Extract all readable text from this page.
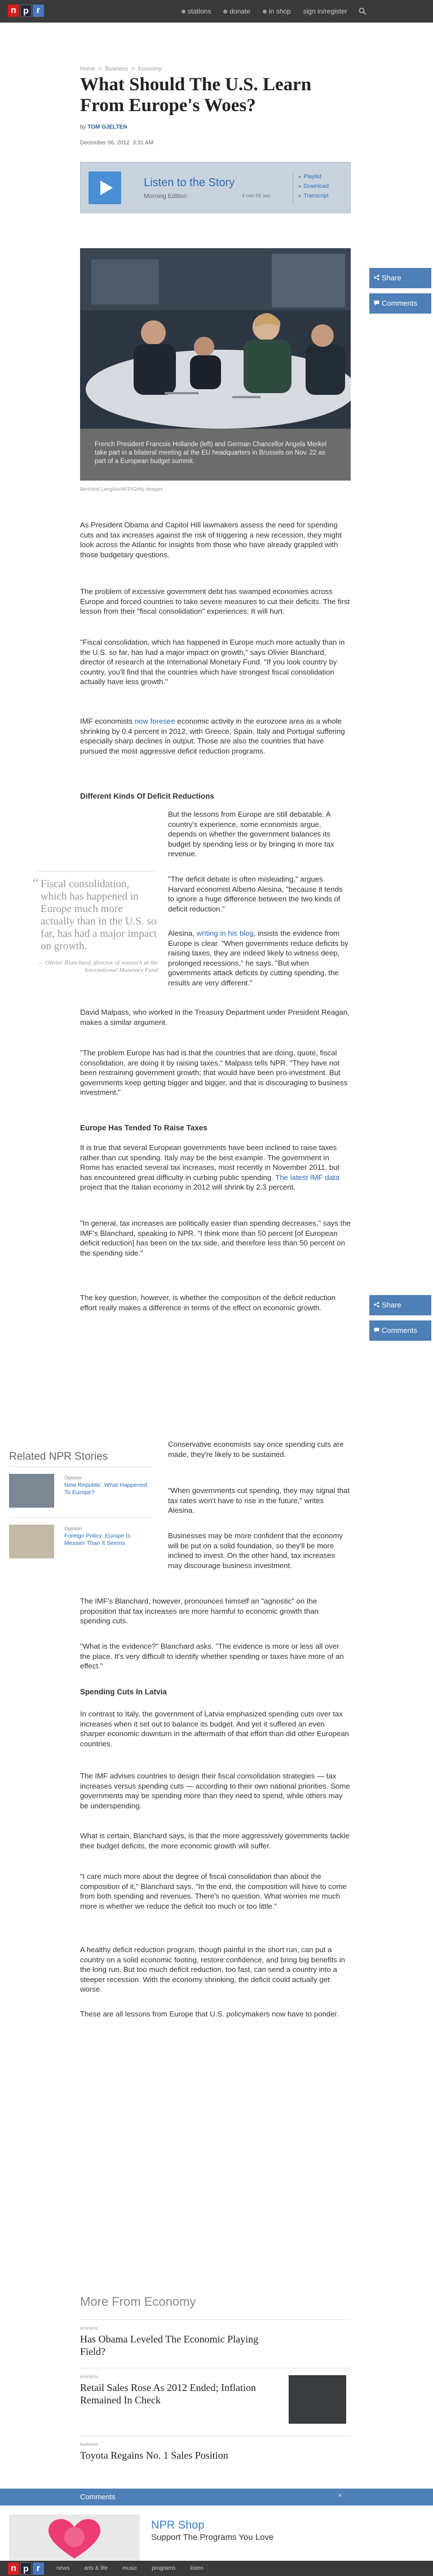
n p r	stations	donate	in shop sign in/register
Home > Business > Economy
What Should The U.S. Learn From Europe's Woes?
by TOM GJELTEN
December 06, 2012 3:31 AM
Listen to the Story
Morning Edition	4 min 55 sec
▸ Playlist
▸ Download
▸ Transcript
French President Francois Hollande (left) and German Chancellor Angela Merkel take part in a bilateral meeting at the EU headquarters in Brussels on Nov. 22 as part of a European budget summit.
Bertrand Langlois/AFP/Getty Images
Share
Comments
Share
Comments

As President Obama and Capitol Hill lawmakers assess the need for spending cuts and tax increases against the risk of triggering a new recession, they might look across the Atlantic for insights from those who have already grappled with those budgetary questions.

The problem of excessive government debt has swamped economies across Europe and forced countries to take severe measures to cut their deficits. The first lesson from their "fiscal consolidation" experiences: It will hurt.

"Fiscal consolidation, which has happened in Europe much more actually than in the U.S. so far, has had a major impact on growth," says Olivier Blanchard, director of research at the International Monetary Fund. "If you look country by country, you'll find that the countries which have strongest fiscal consolidation actually have less growth."

IMF economists now foresee economic activity in the eurozone area as a whole shrinking by 0.4 percent in 2012, with Greece, Spain, Italy and Portugal suffering especially sharp declines in output. Those are also the countries that have pursued the most aggressive deficit reduction programs.

Different Kinds Of Deficit Reductions
“ Fiscal consolidation, which has happened in Europe much more actually than in the U.S. so far, has had a major impact on growth.
— Olivier Blanchard, director of research at the International Monetary Fund

But the lessons from Europe are still debatable. A country's experience, some economists argue, depends on whether the government balances its budget by spending less or by bringing in more tax revenue.

"The deficit debate is often misleading," argues Harvard economist Alberto Alesina, "because it tends to ignore a huge difference between the two kinds of deficit reduction."

Alesina, writing in his blog, insists the evidence from Europe is clear. "When governments reduce deficits by raising taxes, they are indeed likely to witness deep, prolonged recessions," he says. "But when governments attack deficits by cutting spending, the results are very different."

David Malpass, who worked in the Treasury Department under President Reagan, makes a similar argument.

"The problem Europe has had is that the countries that are doing, quote, fiscal consolidation, are doing it by raising taxes," Malpass tells NPR. "They have not been restraining government growth; that would have been pro-investment. But governments keep getting bigger and bigger, and that is discouraging to business investment."

Europe Has Tended To Raise Taxes

It is true that several European governments have been inclined to raise taxes rather than cut spending. Italy may be the best example. The government in Rome has enacted several tax increases, most recently in November 2011, but has encountered great difficulty in curbing public spending. The latest IMF data project that the Italian economy in 2012 will shrink by 2.3 percent.

"In general, tax increases are politically easier than spending decreases," says the IMF's Blanchard, speaking to NPR. "I think more than 50 percent [of European deficit reduction] has been on the tax side, and therefore less than 50 percent on the spending side."

The key question, however, is whether the composition of the deficit reduction effort really makes a difference in terms of the effect on economic growth.

Related NPR Stories
Opinion
New Republic: What Happened To Europe?
Opinion
Foreign Policy: Europe Is Messier Than It Seems

Conservative economists say once spending cuts are made, they're likely to be sustained.

"When governments cut spending, they may signal that tax rates won't have to rise in the future," writes Alesina.

Businesses may be more confident that the economy will be put on a solid foundation, so they'll be more inclined to invest. On the other hand, tax increases may discourage business investment.

The IMF's Blanchard, however, pronounces himself an "agnostic" on the proposition that tax increases are more harmful to economic growth than spending cuts.

"What is the evidence?" Blanchard asks. "The evidence is more or less all over the place. It's very difficult to identify whether spending or taxes have more of an effect."

Spending Cuts In Latvia

In contrast to Italy, the government of Latvia emphasized spending cuts over tax increases when it set out to balance its budget. And yet it suffered an even sharper economic downturn in the aftermath of that effort than did other European countries.

The IMF advises countries to design their fiscal consolidation strategies — tax increases versus spending cuts — according to their own national priorities. Some governments may be spending more than they need to spend, while others may be underspending.

What is certain, Blanchard says, is that the more aggressively governments tackle their budget deficits, the more economic growth will suffer.

"I care much more about the degree of fiscal consolidation than about the composition of it," Blanchard says. "In the end, the composition will have to come from both spending and revenues. There's no question. What worries me much more is whether we reduce the deficit too much or too little."

A healthy deficit reduction program, though painful in the short run, can put a country on a solid economic footing, restore confidence, and bring big benefits in the long run. But too much deficit reduction, too fast, can send a country into a steeper recession. With the economy shrinking, the deficit could actually get worse.

These are all lessons from Europe that U.S. policymakers now have to ponder.

More From Economy
economy
Has Obama Leveled The Economic Playing Field?
economy
Retail Sales Rose As 2012 Ended; Inflation Remained In Check
business
Toyota Regains No. 1 Sales Position
Comments	^
NPR Shop
Support The Programs You Love
n p r	news	arts & life	music	programs	listen
